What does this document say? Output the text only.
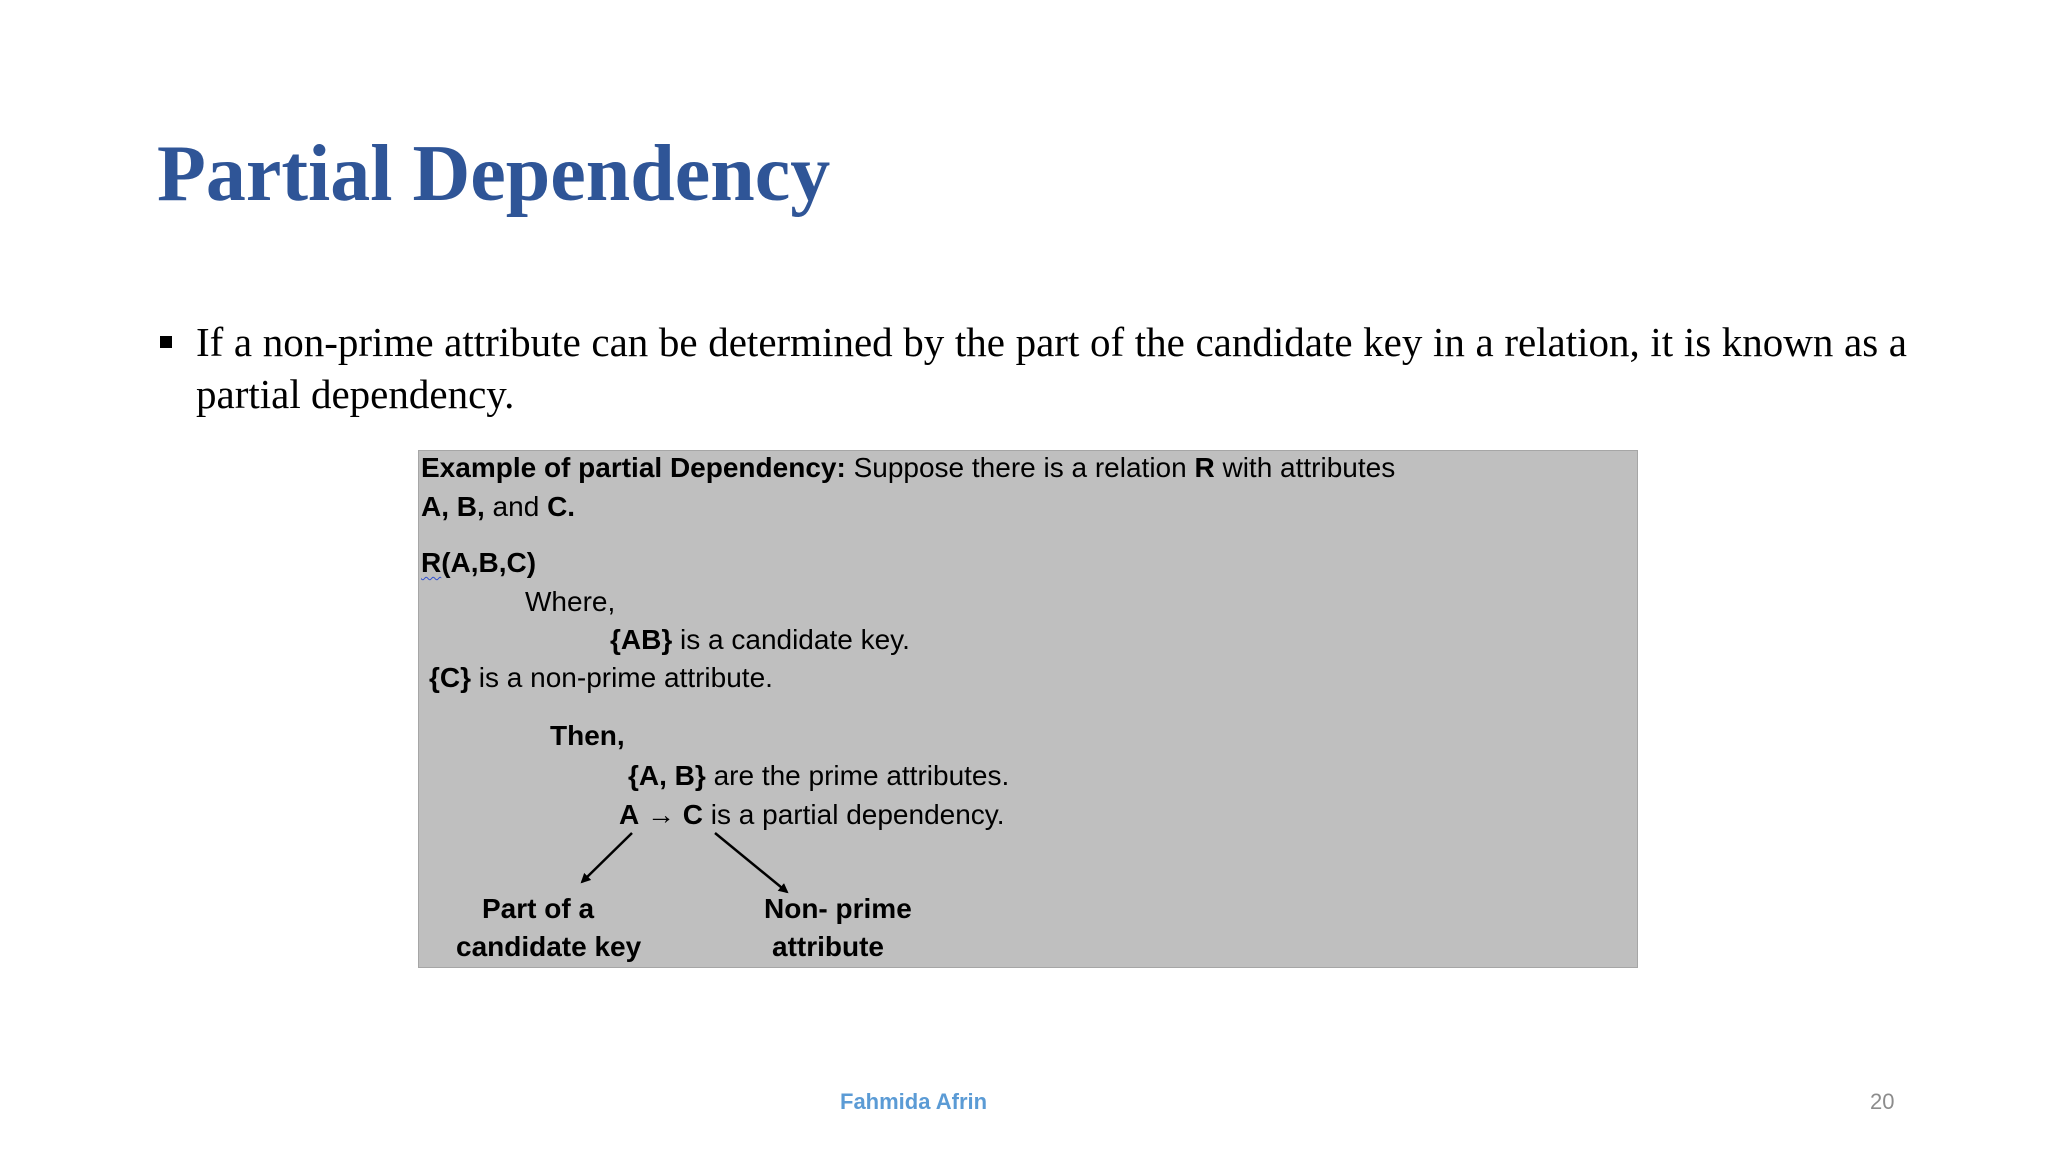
Partial Dependency

If a non-prime attribute can be determined by the part of the candidate key in a relation, it is known as a partial dependency.

Example of partial Dependency: Suppose there is a relation R with attributes
A, B, and C.
R(A,B,C)
Where,
{AB} is a candidate key.
{C} is a non-prime attribute.
Then,
{A, B} are the prime attributes.
A → C is a partial dependency.
Part of a
candidate key
Non- prime
attribute
Fahmida Afrin	20
